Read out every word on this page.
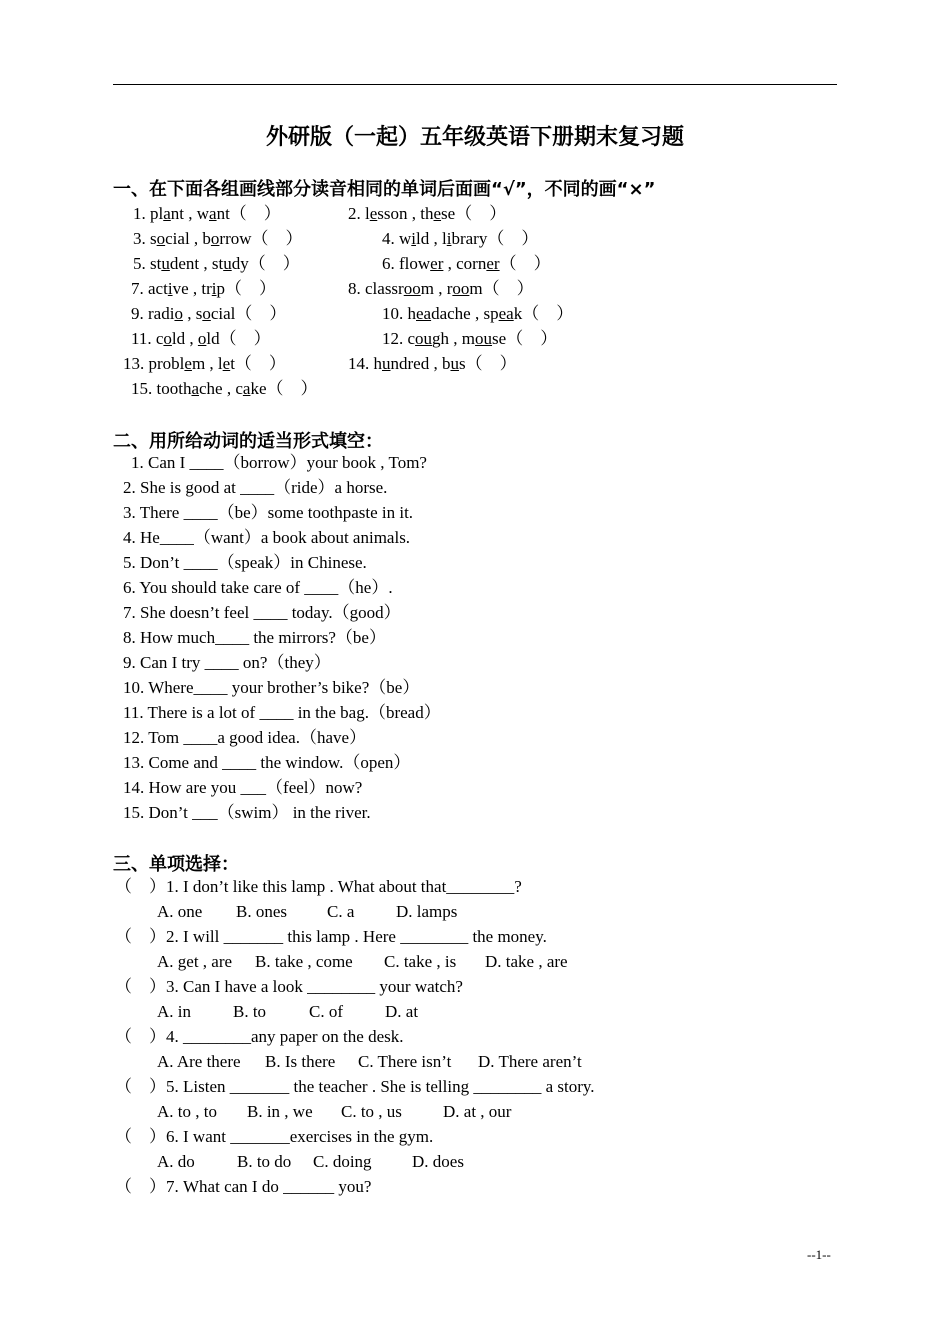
外研版（一起）五年级英语下册期末复习题
一、在下面各组画线部分读音相同的单词后面画“√”，不同的画“×”
1. plant , want（　）	2. lesson , these（　）
3. social , borrow（　）	4. wild , library（　）
5. student , study（　）	6. flower , corner（　）
7. active , trip（　）	8. classroom , room（　）
9. radio , social（　）	10. headache , speak（　）
11. cold , old（　）	12. cough , mouse（　）
13. problem , let（　）	14. hundred , bus（　）
15. toothache , cake（　）
二、用所给动词的适当形式填空：
1. Can I ____（borrow）your book , Tom?
2. She is good at ____（ride）a horse.
3. There ____（be）some toothpaste in it.
4. He____（want）a book about animals.
5. Don’t ____（speak）in Chinese.
6. You should take care of ____（he）.
7. She doesn’t feel ____ today.（good）
8. How much____ the mirrors?（be）
9. Can I try ____ on?（they）
10. Where____ your brother’s bike?（be）
11. There is a lot of ____ in the bag.（bread）
12. Tom ____a good idea.（have）
13. Come and ____ the window.（open）
14. How are you ___（feel）now?
15. Don’t ___（swim） in the river.
三、单项选择：
（　）1. I don’t like this lamp . What about that________?
A. one B. ones C. a D. lamps
（　）2. I will _______ this lamp . Here ________ the money.
A. get , are B. take , come C. take , is D. take , are
（　）3. Can I have a look ________ your watch?
A. in B. to	C. of D. at
（　）4. ________any paper on the desk.
A. Are there B. Is there C. There isn’t D. There aren’t
（　）5. Listen _______ the teacher . She is telling ________ a story.
A. to , to B. in , we C. to , us D. at , our
（　）6. I want _______exercises in the gym.
A. do B. to do C. doing D. does
（　）7. What can I do ______ you?
--1--
